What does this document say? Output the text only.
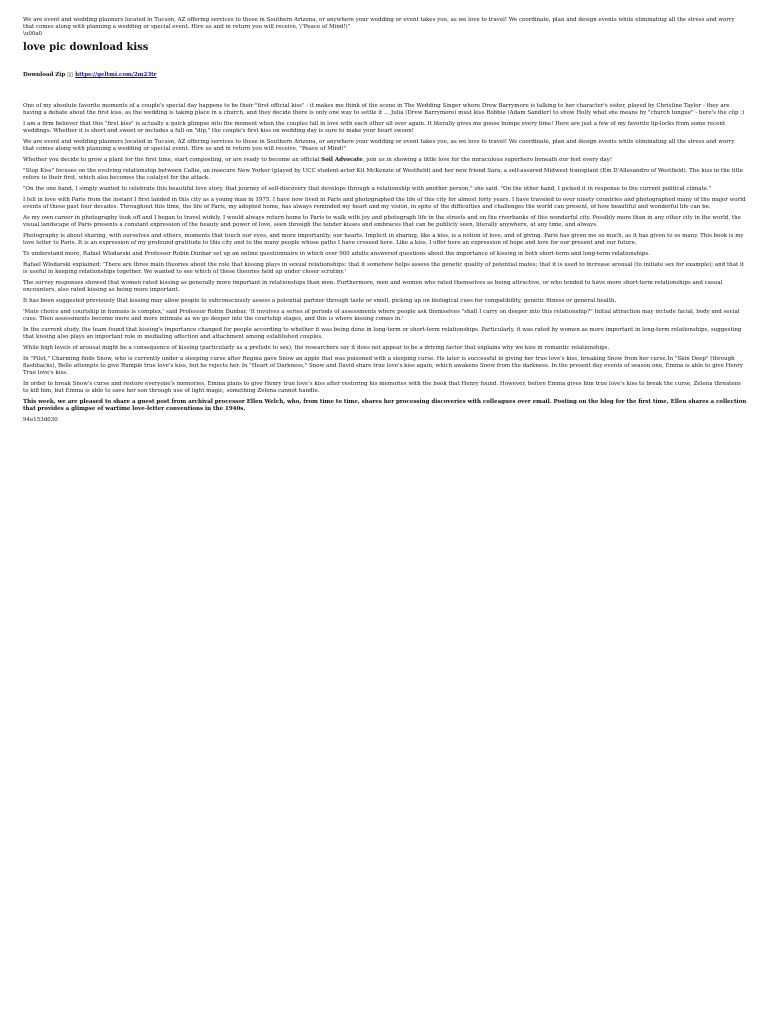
We are event and wedding planners located in Tucson, AZ offering services to those in Southern Arizona, or anywhere your wedding or event takes you, as we love to travel! We coordinate, plan and design events while eliminating all the stress and worry that comes along with planning a wedding or special event. Hire us and in return you will receive, \"Peace of Mind!\"

\u00a0

love pic download kiss

Download Zip ▯▯ https://geltmi.com/2m23tr

One of my absolute favorite moments of a couple's special day happens to be their "first official kiss" - it makes me think of the scene in The Wedding Singer where Drew Barrymore is talking to her character's sister, played by Christine Taylor - they are having a debate about the first kiss, as the wedding is taking place in a church, and they decide there is only one way to settle it ... Julia (Drew Barrymore) must kiss Robbie (Adam Sandler) to show Holly what she means by "church tongue" - here's the clip :)

I am a firm believer that this "first kiss" is actually a quick glimpse into the moment when the couples fall in love with each other all over again. It literally gives me goose bumps every time! Here are just a few of my favorite lip-locks from some recent weddings. Whether it is short and sweet or includes a full on "dip," the couple's first kiss on wedding day is sure to make your heart swoon!

We are event and wedding planners located in Tucson, AZ offering services to those in Southern Arizona, or anywhere your wedding or event takes you, as we love to travel! We coordinate, plan and design events while eliminating all the stress and worry that comes along with planning a wedding or special event. Hire us and in return you will receive, "Peace of Mind!"

Whether you decide to grow a plant for the first time, start composting, or are ready to become an official Soil Advocate, join us in showing a little love for the miraculous superhero beneath our feet every day!

"Stop Kiss" focuses on the evolving relationship between Callie, an insecure New Yorker (played by UCC student-actor Kit McKenzie of Westfield) and her new friend Sara, a self-assured Midwest transplant (Em D'Allesandro of Westfield). The kiss in the title refers to their first, which also becomes the catalyst for the attack.

"On the one hand, I simply wanted to celebrate this beautiful love story, that journey of self-discovery that develops through a relationship with another person," she said. "On the other hand, I picked it in response to the current political climate."

I fell in love with Paris from the instant I first landed in this city as a young man in 1975. I have now lived in Paris and photographed the life of this city for almost forty years. I have traveled to over ninety countries and photographed many of the major world events of these past four decades. Throughout this time, the life of Paris, my adopted home, has always reminded my heart and my vision, in spite of the difficulties and challenges the world can present, of how beautiful and wonderful life can be.

As my own career in photography took off and I began to travel widely, I would always return home to Paris to walk with joy and photograph life in the streets and on the riverbanks of this wonderful city. Possibly more than in any other city in the world, the visual landscape of Paris presents a constant expression of the beauty and power of love, seen through the tender kisses and embraces that can be publicly seen, literally anywhere, at any time, and always.

Photography is about sharing, with ourselves and others, moments that touch our eyes, and more importantly, our hearts. Implicit in sharing, like a kiss, is a notion of love, and of giving. Paris has given me so much, as it has given to so many. This book is my love letter to Paris. It is an expression of my profound gratitude to this city and to the many people whose paths I have crossed here. Like a kiss, I offer here an expression of hope and love for our present and our future.

To understand more, Rafael Wlodarski and Professor Robin Dunbar set up an online questionnaire in which over 900 adults answered questions about the importance of kissing in both short-term and long-term relationships.

Rafael Wlodarski explained: 'There are three main theories about the role that kissing plays in sexual relationships: that it somehow helps assess the genetic quality of potential mates; that it is used to increase arousal (to initiate sex for example); and that it is useful in keeping relationships together. We wanted to see which of these theories held up under closer scrutiny.'

The survey responses showed that women rated kissing as generally more important in relationships than men. Furthermore, men and women who rated themselves as being attractive, or who tended to have more short-term relationships and casual encounters, also rated kissing as being more important.

It has been suggested previously that kissing may allow people to subconsciously assess a potential partner through taste or smell, picking up on biological cues for compatibility, genetic fitness or general health.

'Mate choice and courtship in humans is complex,' said Professor Robin Dunbar. 'It involves a series of periods of assessments where people ask themselves "shall I carry on deeper into this relationship?" Initial attraction may include facial, body and social cues. Then assessments become more and more intimate as we go deeper into the courtship stages, and this is where kissing comes in.'

In the current study, the team found that kissing's importance changed for people according to whether it was being done in long-term or short-term relationships. Particularly, it was rated by women as more important in long-term relationships, suggesting that kissing also plays an important role in mediating affection and attachment among established couples.

While high levels of arousal might be a consequence of kissing (particularly as a prelude to sex), the researchers say it does not appear to be a driving factor that explains why we kiss in romantic relationships.

In "Pilot," Charming finds Snow, who is currently under a sleeping curse after Regina gave Snow an apple that was poisoned with a sleeping curse. He later is successful in giving her true love's kiss, breaking Snow from her curse.In "Skin Deep" (through flashbacks), Belle attempts to give Rumple true love's kiss, but he rejects her. In "Heart of Darkness," Snow and David share true love's kiss again, which awakens Snow from the darkness. In the present day events of season one, Emma is able to give Henry True love's kiss.

In order to break Snow's curse and restore everyone's memories, Emma plans to give Henry true love's kiss after restoring his memories with the book that Henry found. However, before Emma gives him true love's kiss to break the curse, Zelena threatens to kill him, but Emma is able to save her son through use of light magic, something Zelena cannot handle.

This week, we are pleased to share a guest post from archival processor Ellen Welch, who, from time to time, shares her processing discoveries with colleagues over email. Posting on the blog for the first time, Ellen shares a collection that provides a glimpse of wartime love-letter conventions in the 1940s.

94e153d030
